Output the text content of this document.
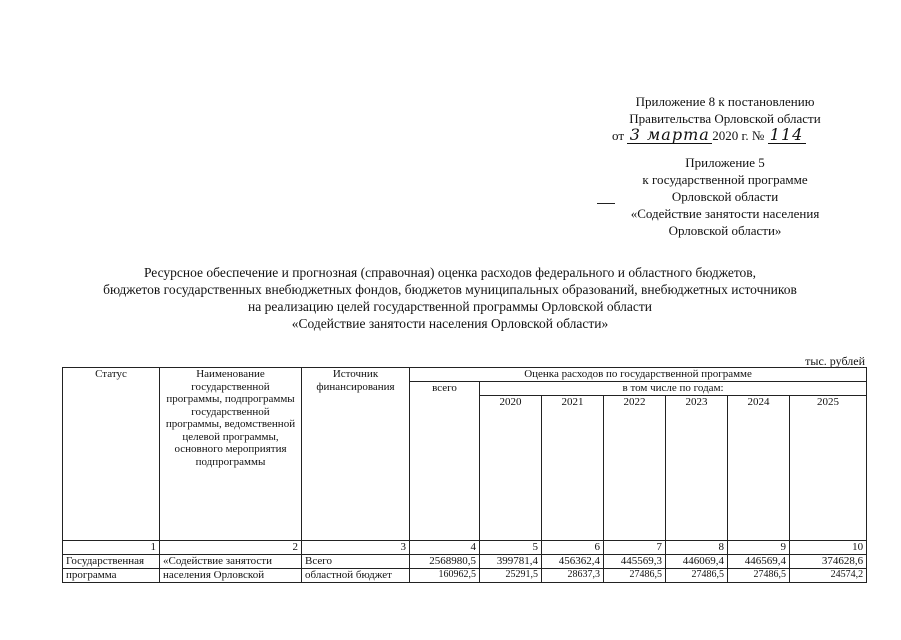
Приложение 8 к постановлению
Правительства Орловской области
от 3 марта 2020 г. № 114
Приложение 5
к государственной программе
Орловской области
«Содействие занятости населения
Орловской области»
Ресурсное обеспечение и прогнозная (справочная) оценка расходов федерального и областного бюджетов,
бюджетов государственных внебюджетных фондов, бюджетов муниципальных образований, внебюджетных источников
на реализацию целей государственной программы Орловской области
«Содействие занятости населения Орловской области»
тыс. рублей
Статус	Наименование государственной программы, подпрограммы государственной программы, ведомственной целевой программы, основного мероприятия подпрограммы	Источник финансирования	Оценка расходов по государственной программе						
			всего	в том числе по годам:					
				2020	2021	2022	2023	2024	2025
1	2	3	4	5	6	7	8	9	10
Государственная	«Содействие занятости	Всего	2568980,5	399781,4	456362,4	445569,3	446069,4	446569,4	374628,6
программа	населения Орловской	областной бюджет	160962,5	25291,5	28637,3	27486,5	27486,5	27486,5	24574,2
